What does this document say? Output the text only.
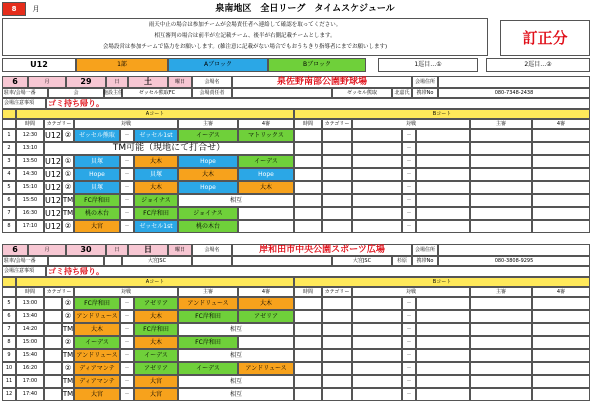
8	月	泉南地区　全日リーグ　タイムスケジュール
雨天中止の場合は参加チームが会場責任者へ連絡して確認を取ってください。
相互審判の場合は前半が左記載チーム、後半が右側記載チームとします。
会場設営は参加チームで協力をお願いします。(雑注意に記載がない場合でもおうちきり指導者にまでお願いします)
訂正分
U12	1部	Aブロック	Bブロック	1巡目…①	2巡目…②
6	月	29	日	土	曜日	会場名	泉佐野南部公園野球場	会場住所
駐車/会場一番	会	施設主任	ゼッセル熊取FC	会場責任者	ゼッセル熊取	北嘉氏	携帯No	080-7348-2438
会場注意事項	ゴミ持ち帰り。
Aコート	Bコート
時間	カテゴリー	対戦	主審	4審	時間	カテゴリー	対戦	主審	4審
1	12:30 U12 ②	ゼッセル熊取	－	ゼッセル1st	イーデス	マトリックス	－
2	13:10	TM可能（現地にて打合せ）	－
3	13:50 U12 ①	貝塚	－	大木	Hope	イーデス	－
4	14:30 U12 ①	Hope	－	貝塚	大木	Hope	－
5	15:10 U12 ②	貝塚	－	大木	Hope	大木	－
6	15:50 U12 TM	FC岸和田	－	ジョイナス	相互	－
7	16:30 U12 TM	桃の木台	－	FC岸和田	ジョイナス	－
8	17:10 U12 ②	大宮	－	ゼッセル1st	桃の木台	－
6	月	30	日	日	曜日	会場名	岸和田市中央公園スポーツ広場	会場住所
駐車/会場一番	大宮JSC	大宮JSC	杉原	携帯No	080-3808-9295
会場注意事項	ゴミ持ち帰り。
Aコート	Bコート
時間	カテゴリー	対戦	主審	4審	時間	カテゴリー	対戦	主審	4審
5	13:00	②	FC岸和田	－	アゼリア	アンドリュース	大木	－
6	13:40	② アンドリュース	－	大木	FC岸和田	アゼリア	－
7	14:20	TM	大木	－	FC岸和田	相互	－
8	15:00	②	イーデス	－	大木	FC岸和田	－
9	15:40	TM アンドリュース	－	イーデス	相互	－
10	16:20	②	ディアマンテ	－	アゼリア	イーデス	アンドリュース	－
11	17:00	TM	ディアマンテ	－	大宮	相互	－
12	17:40	TM	大宮	－	大宮	相互	－
